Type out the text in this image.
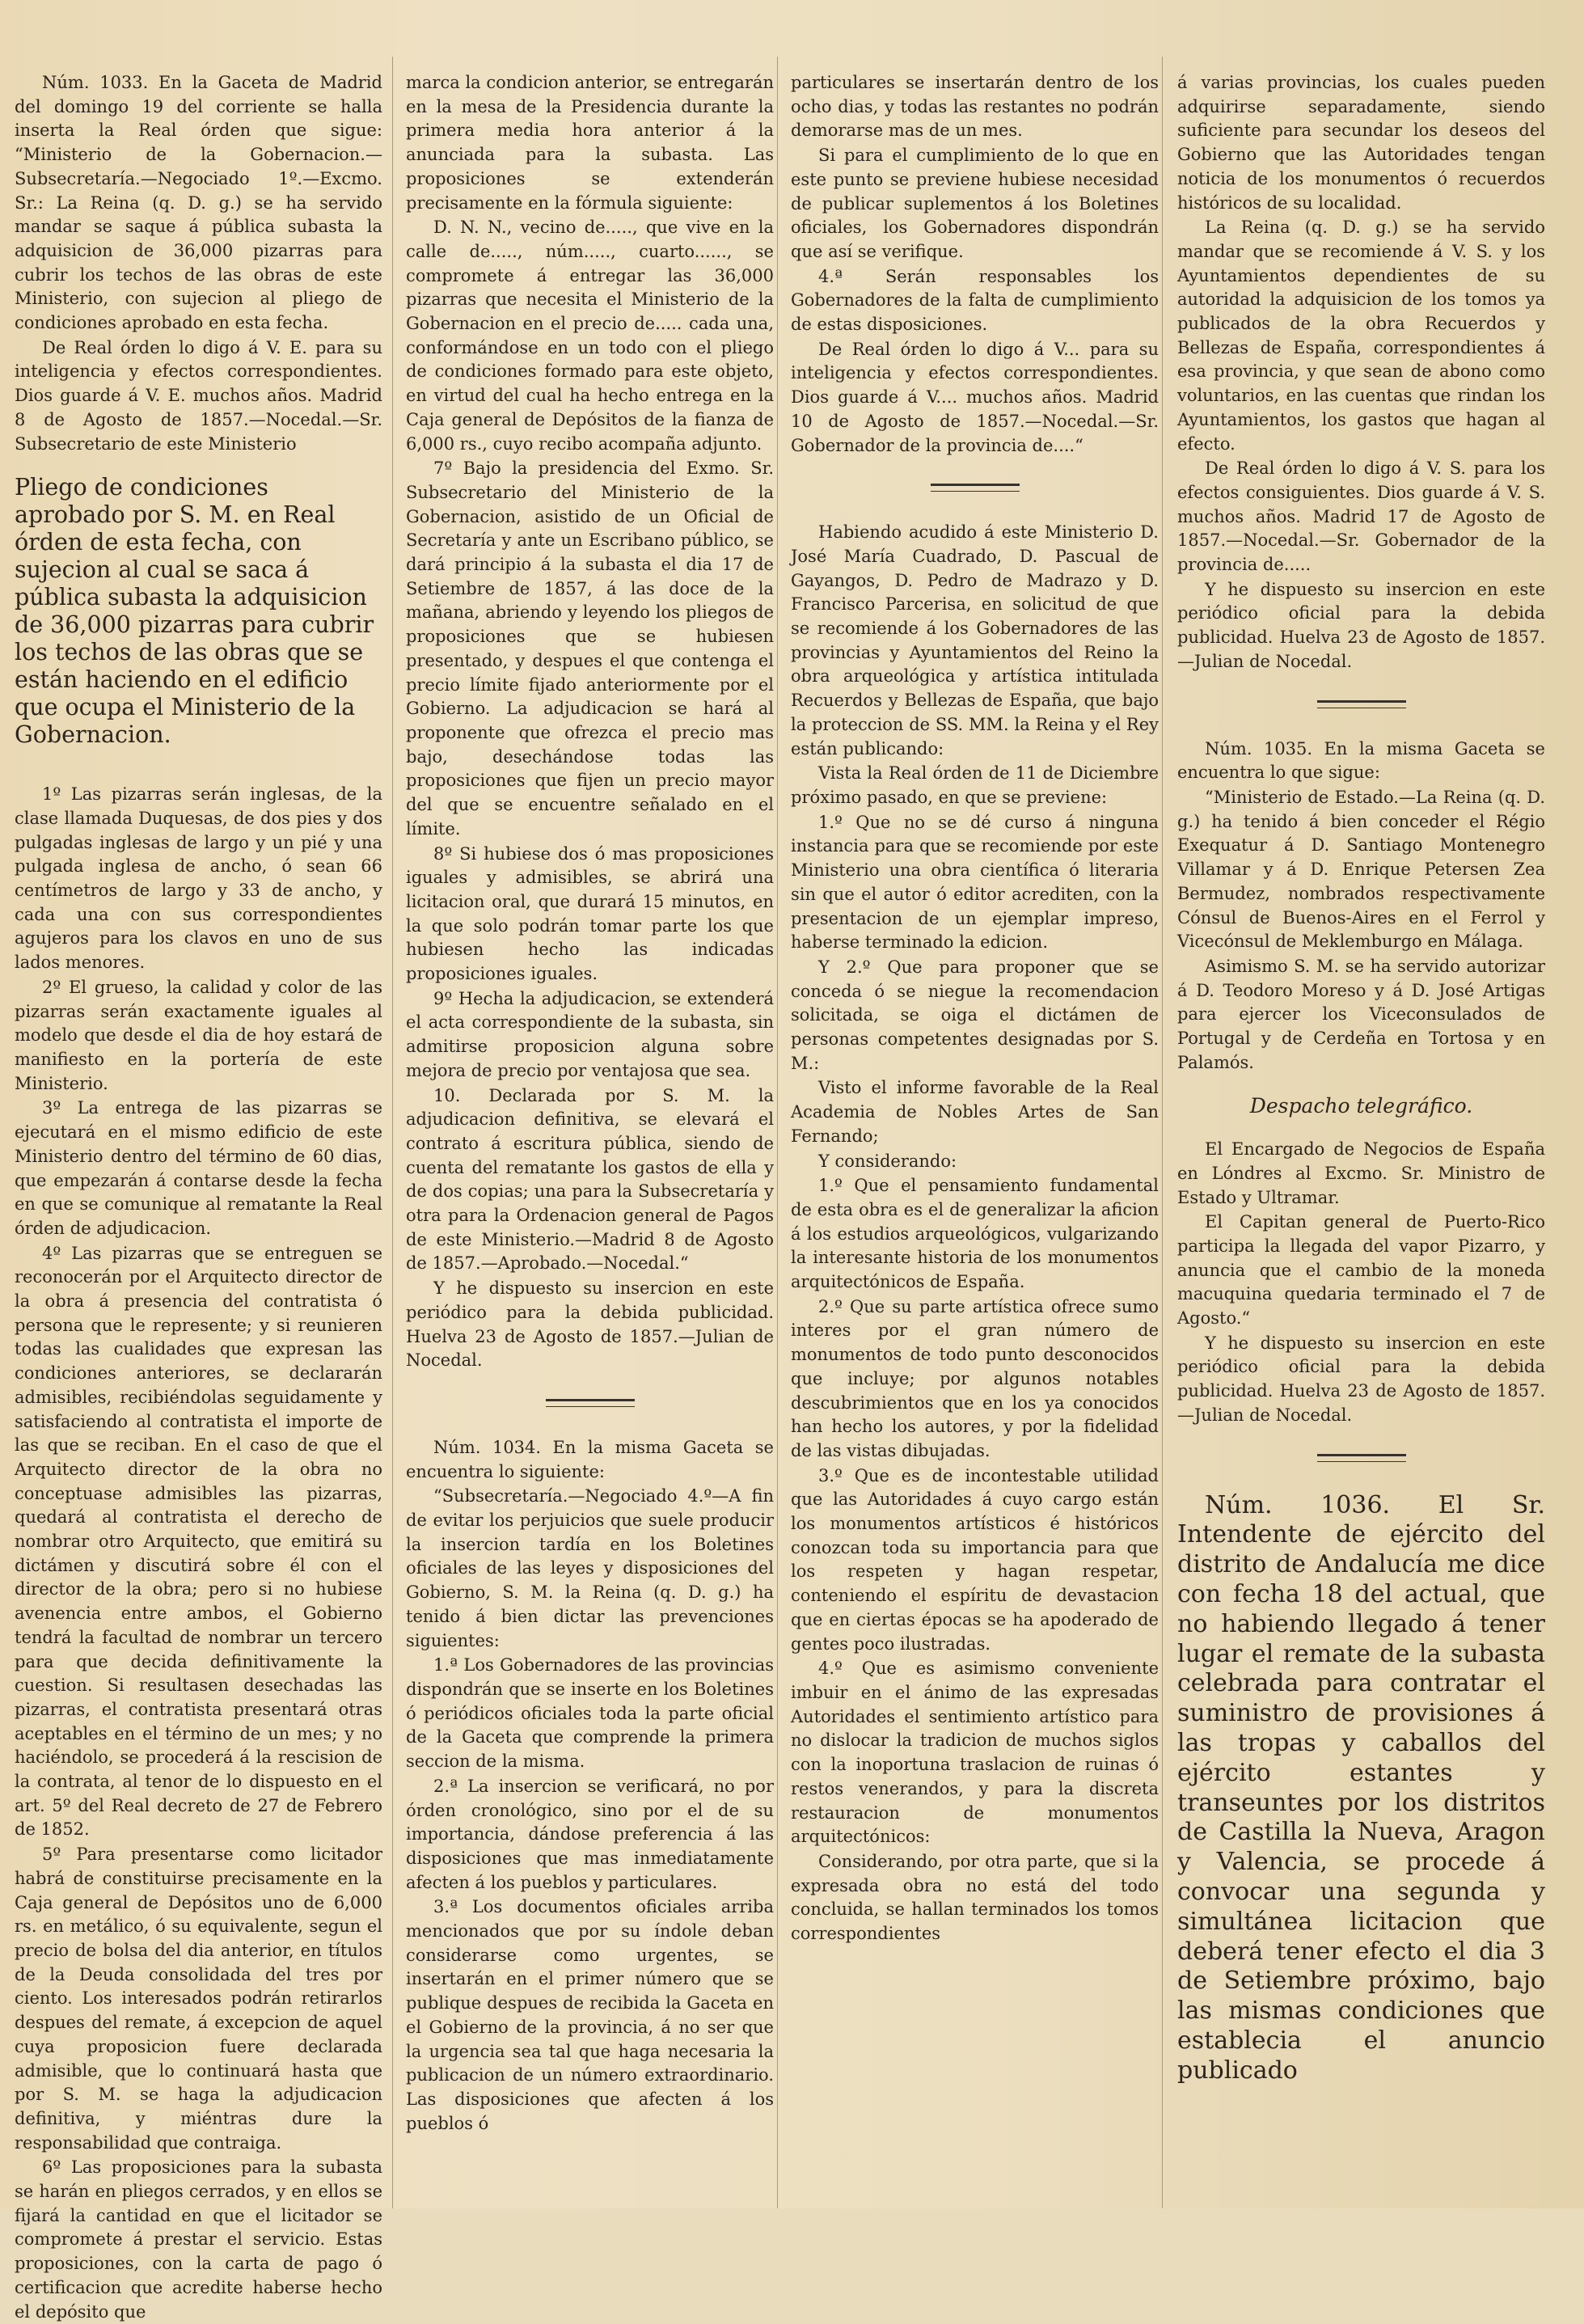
Núm. 1033. En la Gaceta de Madrid del domingo 19 del corriente se halla inserta la Real órden que sigue: “Ministerio de la Gobernacion.—Subsecretaría.—Negociado 1º.—Excmo. Sr.: La Reina (q. D. g.) se ha servido mandar se saque á pública subasta la adquisicion de 36,000 pizarras para cubrir los techos de las obras de este Ministerio, con sujecion al pliego de condiciones aprobado en esta fecha.

De Real órden lo digo á V. E. para su inteligencia y efectos correspondientes. Dios guarde á V. E. muchos años. Madrid 8 de Agosto de 1857.—Nocedal.—Sr. Subsecretario de este Ministerio

Pliego de condiciones aprobado por S. M. en Real órden de esta fecha, con sujecion al cual se saca á pública subasta la adquisicion de 36,000 pizarras para cubrir los techos de las obras que se están haciendo en el edificio que ocupa el Ministerio de la Gobernacion.

1º Las pizarras serán inglesas, de la clase llamada Duquesas, de dos pies y dos pulgadas inglesas de largo y un pié y una pulgada inglesa de ancho, ó sean 66 centímetros de largo y 33 de ancho, y cada una con sus correspondientes agujeros para los clavos en uno de sus lados menores.

2º El grueso, la calidad y color de las pizarras serán exactamente iguales al modelo que desde el dia de hoy estará de manifiesto en la portería de este Ministerio.

3º La entrega de las pizarras se ejecutará en el mismo edificio de este Ministerio dentro del término de 60 dias, que empezarán á contarse desde la fecha en que se comunique al rematante la Real órden de adjudicacion.

4º Las pizarras que se entreguen se reconocerán por el Arquitecto director de la obra á presencia del contratista ó persona que le represente; y si reunieren todas las cualidades que expresan las condiciones anteriores, se declararán admisibles, recibiéndolas seguidamente y satisfaciendo al contratista el importe de las que se reciban. En el caso de que el Arquitecto director de la obra no conceptuase admisibles las pizarras, quedará al contratista el derecho de nombrar otro Arquitecto, que emitirá su dictámen y discutirá sobre él con el director de la obra; pero si no hubiese avenencia entre ambos, el Gobierno tendrá la facultad de nombrar un tercero para que decida definitivamente la cuestion. Si resultasen desechadas las pizarras, el contratista presentará otras aceptables en el término de un mes; y no haciéndolo, se procederá á la rescision de la contrata, al tenor de lo dispuesto en el art. 5º del Real decreto de 27 de Febrero de 1852.

5º Para presentarse como licitador habrá de constituirse precisamente en la Caja general de Depósitos uno de 6,000 rs. en metálico, ó su equivalente, segun el precio de bolsa del dia anterior, en títulos de la Deuda consolidada del tres por ciento. Los interesados podrán retirarlos despues del remate, á excepcion de aquel cuya proposicion fuere declarada admisible, que lo continuará hasta que por S. M. se haga la adjudicacion definitiva, y miéntras dure la responsabilidad que contraiga.

6º Las proposiciones para la subasta se harán en pliegos cerrados, y en ellos se fijará la cantidad en que el licitador se compromete á prestar el servicio. Estas proposiciones, con la carta de pago ó certificacion que acredite haberse hecho el depósito que

marca la condicion anterior, se entregarán en la mesa de la Presidencia durante la primera media hora anterior á la anunciada para la subasta. Las proposiciones se extenderán precisamente en la fórmula siguiente:

D. N. N., vecino de....., que vive en la calle de....., núm....., cuarto......, se compromete á entregar las 36,000 pizarras que necesita el Ministerio de la Gobernacion en el precio de..... cada una, conformándose en un todo con el pliego de condiciones formado para este objeto, en virtud del cual ha hecho entrega en la Caja general de Depósitos de la fianza de 6,000 rs., cuyo recibo acompaña adjunto.

7º Bajo la presidencia del Exmo. Sr. Subsecretario del Ministerio de la Gobernacion, asistido de un Oficial de Secretaría y ante un Escribano público, se dará principio á la subasta el dia 17 de Setiembre de 1857, á las doce de la mañana, abriendo y leyendo los pliegos de proposiciones que se hubiesen presentado, y despues el que contenga el precio límite fijado anteriormente por el Gobierno. La adjudicacion se hará al proponente que ofrezca el precio mas bajo, desechándose todas las proposiciones que fijen un precio mayor del que se encuentre señalado en el límite.

8º Si hubiese dos ó mas proposiciones iguales y admisibles, se abrirá una licitacion oral, que durará 15 minutos, en la que solo podrán tomar parte los que hubiesen hecho las indicadas proposiciones iguales.

9º Hecha la adjudicacion, se extenderá el acta correspondiente de la subasta, sin admitirse proposicion alguna sobre mejora de precio por ventajosa que sea.

10. Declarada por S. M. la adjudicacion definitiva, se elevará el contrato á escritura pública, siendo de cuenta del rematante los gastos de ella y de dos copias; una para la Subsecretaría y otra para la Ordenacion general de Pagos de este Ministerio.—Madrid 8 de Agosto de 1857.—Aprobado.—Nocedal.“

Y he dispuesto su insercion en este periódico para la debida publicidad. Huelva 23 de Agosto de 1857.—Julian de Nocedal.

Núm. 1034. En la misma Gaceta se encuentra lo siguiente:

“Subsecretaría.—Negociado 4.º—A fin de evitar los perjuicios que suele producir la insercion tardía en los Boletines oficiales de las leyes y disposiciones del Gobierno, S. M. la Reina (q. D. g.) ha tenido á bien dictar las prevenciones siguientes:

1.ª Los Gobernadores de las provincias dispondrán que se inserte en los Boletines ó periódicos oficiales toda la parte oficial de la Gaceta que comprende la primera seccion de la misma.

2.ª La insercion se verificará, no por órden cronológico, sino por el de su importancia, dándose preferencia á las disposiciones que mas inmediatamente afecten á los pueblos y particulares.

3.ª Los documentos oficiales arriba mencionados que por su índole deban considerarse como urgentes, se insertarán en el primer número que se publique despues de recibida la Gaceta en el Gobierno de la provincia, á no ser que la urgencia sea tal que haga necesaria la publicacion de un número extraordinario. Las disposiciones que afecten á los pueblos ó

particulares se insertarán dentro de los ocho dias, y todas las restantes no podrán demorarse mas de un mes.

Si para el cumplimiento de lo que en este punto se previene hubiese necesidad de publicar suplementos á los Boletines oficiales, los Gobernadores dispondrán que así se verifique.

4.ª Serán responsables los Gobernadores de la falta de cumplimiento de estas disposiciones.

De Real órden lo digo á V... para su inteligencia y efectos correspondientes. Dios guarde á V.... muchos años. Madrid 10 de Agosto de 1857.—Nocedal.—Sr. Gobernador de la provincia de....“

Habiendo acudido á este Ministerio D. José María Cuadrado, D. Pascual de Gayangos, D. Pedro de Madrazo y D. Francisco Parcerisa, en solicitud de que se recomiende á los Gobernadores de las provincias y Ayuntamientos del Reino la obra arqueológica y artística intitulada Recuerdos y Bellezas de España, que bajo la proteccion de SS. MM. la Reina y el Rey están publicando:

Vista la Real órden de 11 de Diciembre próximo pasado, en que se previene:

1.º Que no se dé curso á ninguna instancia para que se recomiende por este Ministerio una obra científica ó literaria sin que el autor ó editor acrediten, con la presentacion de un ejemplar impreso, haberse terminado la edicion.

Y 2.º Que para proponer que se conceda ó se niegue la recomendacion solicitada, se oiga el dictámen de personas competentes designadas por S. M.:

Visto el informe favorable de la Real Academia de Nobles Artes de San Fernando;

Y considerando:

1.º Que el pensamiento fundamental de esta obra es el de generalizar la aficion á los estudios arqueológicos, vulgarizando la interesante historia de los monumentos arquitectónicos de España.

2.º Que su parte artística ofrece sumo interes por el gran número de monumentos de todo punto desconocidos que incluye; por algunos notables descubrimientos que en los ya conocidos han hecho los autores, y por la fidelidad de las vistas dibujadas.

3.º Que es de incontestable utilidad que las Autoridades á cuyo cargo están los monumentos artísticos é históricos conozcan toda su importancia para que los respeten y hagan respetar, conteniendo el espíritu de devastacion que en ciertas épocas se ha apoderado de gentes poco ilustradas.

4.º Que es asimismo conveniente imbuir en el ánimo de las expresadas Autoridades el sentimiento artístico para no dislocar la tradicion de muchos siglos con la inoportuna traslacion de ruinas ó restos venerandos, y para la discreta restauracion de monumentos arquitectónicos:

Considerando, por otra parte, que si la expresada obra no está del todo concluida, se hallan terminados los tomos correspondientes

á varias provincias, los cuales pueden adquirirse separadamente, siendo suficiente para secundar los deseos del Gobierno que las Autoridades tengan noticia de los monumentos ó recuerdos históricos de su localidad.

La Reina (q. D. g.) se ha servido mandar que se recomiende á V. S. y los Ayuntamientos dependientes de su autoridad la adquisicion de los tomos ya publicados de la obra Recuerdos y Bellezas de España, correspondientes á esa provincia, y que sean de abono como voluntarios, en las cuentas que rindan los Ayuntamientos, los gastos que hagan al efecto.

De Real órden lo digo á V. S. para los efectos consiguientes. Dios guarde á V. S. muchos años. Madrid 17 de Agosto de 1857.—Nocedal.—Sr. Gobernador de la provincia de.....

Y he dispuesto su insercion en este periódico oficial para la debida publicidad. Huelva 23 de Agosto de 1857.—Julian de Nocedal.

Núm. 1035. En la misma Gaceta se encuentra lo que sigue:

“Ministerio de Estado.—La Reina (q. D. g.) ha tenido á bien conceder el Régio Exequatur á D. Santiago Montenegro Villamar y á D. Enrique Petersen Zea Bermudez, nombrados respectivamente Cónsul de Buenos-Aires en el Ferrol y Vicecónsul de Meklemburgo en Málaga.

Asimismo S. M. se ha servido autorizar á D. Teodoro Moreso y á D. José Artigas para ejercer los Viceconsulados de Portugal y de Cerdeña en Tortosa y en Palamós.

Despacho telegráfico.

El Encargado de Negocios de España en Lóndres al Excmo. Sr. Ministro de Estado y Ultramar.

El Capitan general de Puerto-Rico participa la llegada del vapor Pizarro, y anuncia que el cambio de la moneda macuquina quedaria terminado el 7 de Agosto.“

Y he dispuesto su insercion en este periódico oficial para la debida publicidad. Huelva 23 de Agosto de 1857.—Julian de Nocedal.

Núm. 1036. El Sr. Intendente de ejército del distrito de Andalucía me dice con fecha 18 del actual, que no habiendo llegado á tener lugar el remate de la subasta celebrada para contratar el suministro de provisiones á las tropas y caballos del ejército estantes y transeuntes por los distritos de Castilla la Nueva, Aragon y Valencia, se procede á convocar una segunda y simultánea licitacion que deberá tener efecto el dia 3 de Setiembre próximo, bajo las mismas condiciones que establecia el anuncio publicado
